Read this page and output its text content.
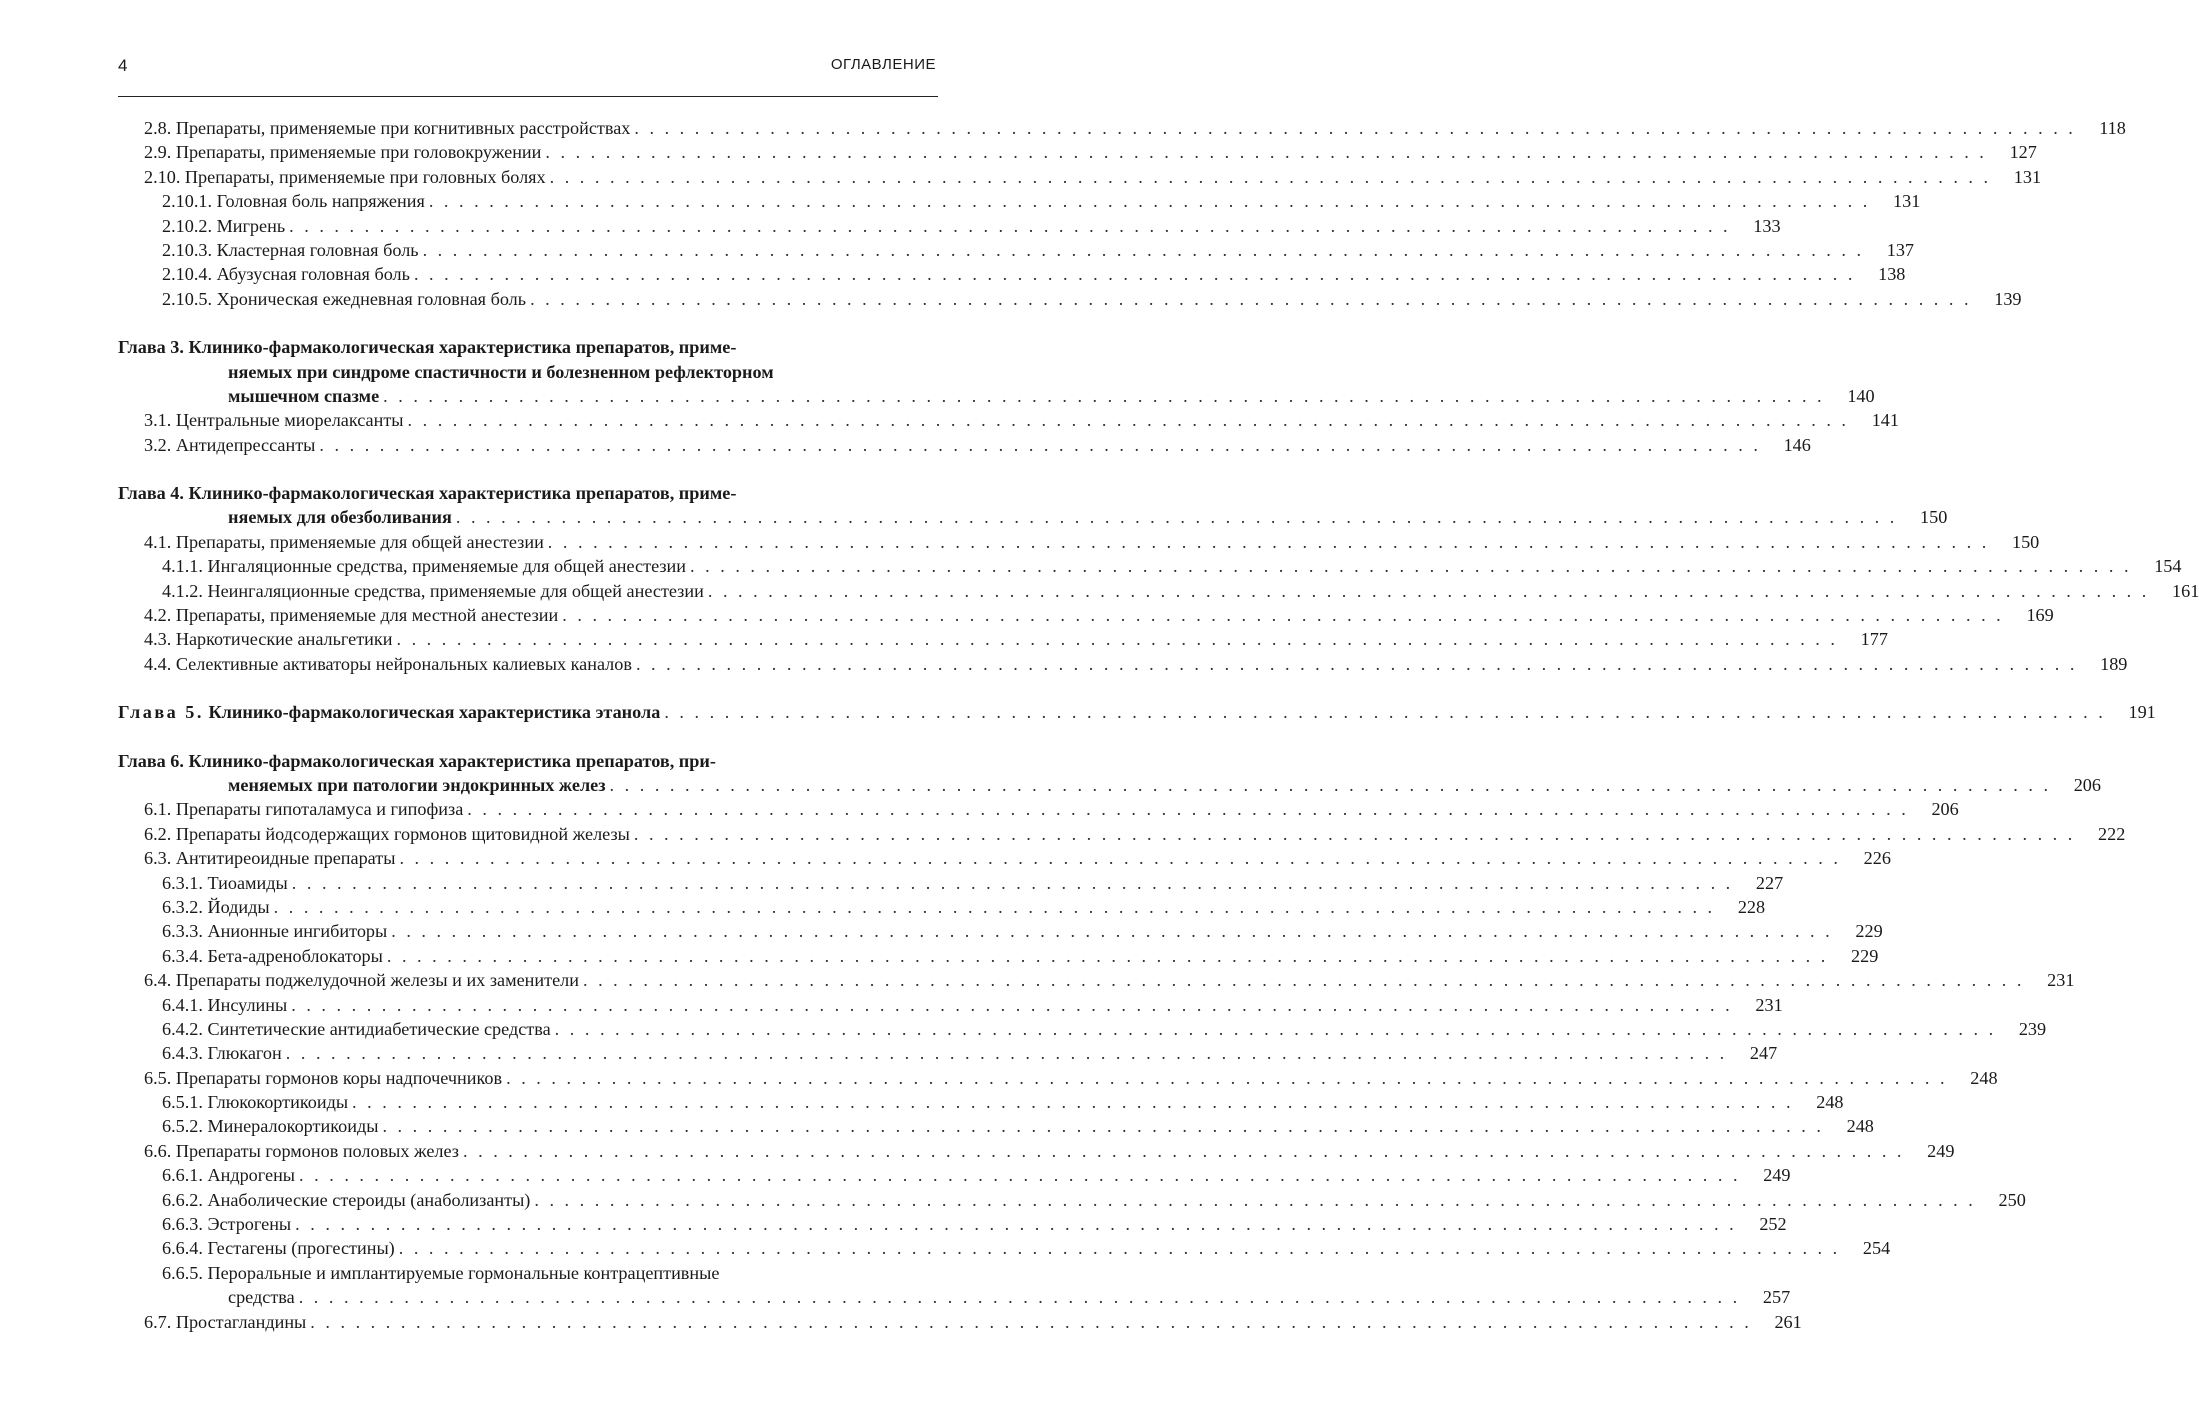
4	ОГЛАВЛЕНИЕ
2.8. Препараты, применяемые при когнитивных расстройствах . . . . . . . . . . . . . . . . . . . . . . . . . . . . . . . . . . . . . . . . . . . . . . . . . . . . . . . . . . . . . . . . . . . . . . . . . . . . . . . . . . . . . . . . . . . . . . . .	118
2.9. Препараты, применяемые при головокружении . . . . . . . . . . . . . . . . . . . . . . . . . . . . . . . . . . . . . . . . . . . . . . . . . . . . . . . . . . . . . . . . . . . . . . . . . . . . . . . . . . . . . . . . . . . . . . . .	127
2.10. Препараты, применяемые при головных болях . . . . . . . . . . . . . . . . . . . . . . . . . . . . . . . . . . . . . . . . . . . . . . . . . . . . . . . . . . . . . . . . . . . . . . . . . . . . . . . . . . . . . . . . . . . . . . . .	131
2.10.1. Головная боль напряжения . . . . . . . . . . . . . . . . . . . . . . . . . . . . . . . . . . . . . . . . . . . . . . . . . . . . . . . . . . . . . . . . . . . . . . . . . . . . . . . . . . . . . . . . . . . . . . . .	131
2.10.2. Мигрень . . . . . . . . . . . . . . . . . . . . . . . . . . . . . . . . . . . . . . . . . . . . . . . . . . . . . . . . . . . . . . . . . . . . . . . . . . . . . . . . . . . . . . . . . . . . . . . .	133
2.10.3. Кластерная головная боль . . . . . . . . . . . . . . . . . . . . . . . . . . . . . . . . . . . . . . . . . . . . . . . . . . . . . . . . . . . . . . . . . . . . . . . . . . . . . . . . . . . . . . . . . . . . . . . .	137
2.10.4. Абузусная головная боль . . . . . . . . . . . . . . . . . . . . . . . . . . . . . . . . . . . . . . . . . . . . . . . . . . . . . . . . . . . . . . . . . . . . . . . . . . . . . . . . . . . . . . . . . . . . . . . .	138
2.10.5. Хроническая ежедневная головная боль . . . . . . . . . . . . . . . . . . . . . . . . . . . . . . . . . . . . . . . . . . . . . . . . . . . . . . . . . . . . . . . . . . . . . . . . . . . . . . . . . . . . . . . . . . . . . . . .	139
Глава 3. Клинико-фармакологическая характеристика препаратов, приме-
няемых при синдроме спастичности и болезненном рефлекторном
мышечном спазме . . . . . . . . . . . . . . . . . . . . . . . . . . . . . . . . . . . . . . . . . . . . . . . . . . . . . . . . . . . . . . . . . . . . . . . . . . . . . . . . . . . . . . . . . . . . . . . .	140
3.1. Центральные миорелаксанты . . . . . . . . . . . . . . . . . . . . . . . . . . . . . . . . . . . . . . . . . . . . . . . . . . . . . . . . . . . . . . . . . . . . . . . . . . . . . . . . . . . . . . . . . . . . . . . .	141
3.2. Антидепрессанты . . . . . . . . . . . . . . . . . . . . . . . . . . . . . . . . . . . . . . . . . . . . . . . . . . . . . . . . . . . . . . . . . . . . . . . . . . . . . . . . . . . . . . . . . . . . . . . .	146
Глава 4. Клинико-фармакологическая характеристика препаратов, приме-
няемых для обезболивания . . . . . . . . . . . . . . . . . . . . . . . . . . . . . . . . . . . . . . . . . . . . . . . . . . . . . . . . . . . . . . . . . . . . . . . . . . . . . . . . . . . . . . . . . . . . . . . .	150
4.1. Препараты, применяемые для общей анестезии . . . . . . . . . . . . . . . . . . . . . . . . . . . . . . . . . . . . . . . . . . . . . . . . . . . . . . . . . . . . . . . . . . . . . . . . . . . . . . . . . . . . . . . . . . . . . . . .	150
4.1.1. Ингаляционные средства, применяемые для общей анестезии . . . . . . . . . . . . . . . . . . . . . . . . . . . . . . . . . . . . . . . . . . . . . . . . . . . . . . . . . . . . . . . . . . . . . . . . . . . . . . . . . . . . . . . . . . . . . . . .	154
4.1.2. Неингаляционные средства, применяемые для общей анестезии . . . . . . . . . . . . . . . . . . . . . . . . . . . . . . . . . . . . . . . . . . . . . . . . . . . . . . . . . . . . . . . . . . . . . . . . . . . . . . . . . . . . . . . . . . . . . . . .	161
4.2. Препараты, применяемые для местной анестезии . . . . . . . . . . . . . . . . . . . . . . . . . . . . . . . . . . . . . . . . . . . . . . . . . . . . . . . . . . . . . . . . . . . . . . . . . . . . . . . . . . . . . . . . . . . . . . . .	169
4.3. Наркотические анальгетики . . . . . . . . . . . . . . . . . . . . . . . . . . . . . . . . . . . . . . . . . . . . . . . . . . . . . . . . . . . . . . . . . . . . . . . . . . . . . . . . . . . . . . . . . . . . . . . .	177
4.4. Селективные активаторы нейрональных калиевых каналов . . . . . . . . . . . . . . . . . . . . . . . . . . . . . . . . . . . . . . . . . . . . . . . . . . . . . . . . . . . . . . . . . . . . . . . . . . . . . . . . . . . . . . . . . . . . . . . .	189
Глава 5. Клинико-фармакологическая характеристика этанола . . . . . . . . . . . . . . . . . . . . . . . . . . . . . . . . . . . . . . . . . . . . . . . . . . . . . . . . . . . . . . . . . . . . . . . . . . . . . . . . . . . . . . . . . . . . . . . .	191
Глава 6. Клинико-фармакологическая характеристика препаратов, при-
меняемых при патологии эндокринных желез . . . . . . . . . . . . . . . . . . . . . . . . . . . . . . . . . . . . . . . . . . . . . . . . . . . . . . . . . . . . . . . . . . . . . . . . . . . . . . . . . . . . . . . . . . . . . . . .	206
6.1. Препараты гипоталамуса и гипофиза . . . . . . . . . . . . . . . . . . . . . . . . . . . . . . . . . . . . . . . . . . . . . . . . . . . . . . . . . . . . . . . . . . . . . . . . . . . . . . . . . . . . . . . . . . . . . . . .	206
6.2. Препараты йодсодержащих гормонов щитовидной железы . . . . . . . . . . . . . . . . . . . . . . . . . . . . . . . . . . . . . . . . . . . . . . . . . . . . . . . . . . . . . . . . . . . . . . . . . . . . . . . . . . . . . . . . . . . . . . . .	222
6.3. Антитиреоидные препараты . . . . . . . . . . . . . . . . . . . . . . . . . . . . . . . . . . . . . . . . . . . . . . . . . . . . . . . . . . . . . . . . . . . . . . . . . . . . . . . . . . . . . . . . . . . . . . . .	226
6.3.1. Тиоамиды . . . . . . . . . . . . . . . . . . . . . . . . . . . . . . . . . . . . . . . . . . . . . . . . . . . . . . . . . . . . . . . . . . . . . . . . . . . . . . . . . . . . . . . . . . . . . . . .	227
6.3.2. Йодиды . . . . . . . . . . . . . . . . . . . . . . . . . . . . . . . . . . . . . . . . . . . . . . . . . . . . . . . . . . . . . . . . . . . . . . . . . . . . . . . . . . . . . . . . . . . . . . . .	228
6.3.3. Анионные ингибиторы . . . . . . . . . . . . . . . . . . . . . . . . . . . . . . . . . . . . . . . . . . . . . . . . . . . . . . . . . . . . . . . . . . . . . . . . . . . . . . . . . . . . . . . . . . . . . . . .	229
6.3.4. Бета-адреноблокаторы . . . . . . . . . . . . . . . . . . . . . . . . . . . . . . . . . . . . . . . . . . . . . . . . . . . . . . . . . . . . . . . . . . . . . . . . . . . . . . . . . . . . . . . . . . . . . . . .	229
6.4. Препараты поджелудочной железы и их заменители . . . . . . . . . . . . . . . . . . . . . . . . . . . . . . . . . . . . . . . . . . . . . . . . . . . . . . . . . . . . . . . . . . . . . . . . . . . . . . . . . . . . . . . . . . . . . . . .	231
6.4.1. Инсулины . . . . . . . . . . . . . . . . . . . . . . . . . . . . . . . . . . . . . . . . . . . . . . . . . . . . . . . . . . . . . . . . . . . . . . . . . . . . . . . . . . . . . . . . . . . . . . . .	231
6.4.2. Синтетические антидиабетические средства . . . . . . . . . . . . . . . . . . . . . . . . . . . . . . . . . . . . . . . . . . . . . . . . . . . . . . . . . . . . . . . . . . . . . . . . . . . . . . . . . . . . . . . . . . . . . . . .	239
6.4.3. Глюкагон . . . . . . . . . . . . . . . . . . . . . . . . . . . . . . . . . . . . . . . . . . . . . . . . . . . . . . . . . . . . . . . . . . . . . . . . . . . . . . . . . . . . . . . . . . . . . . . .	247
6.5. Препараты гормонов коры надпочечников . . . . . . . . . . . . . . . . . . . . . . . . . . . . . . . . . . . . . . . . . . . . . . . . . . . . . . . . . . . . . . . . . . . . . . . . . . . . . . . . . . . . . . . . . . . . . . . .	248
6.5.1. Глюкокортикоиды . . . . . . . . . . . . . . . . . . . . . . . . . . . . . . . . . . . . . . . . . . . . . . . . . . . . . . . . . . . . . . . . . . . . . . . . . . . . . . . . . . . . . . . . . . . . . . . .	248
6.5.2. Минералокортикоиды . . . . . . . . . . . . . . . . . . . . . . . . . . . . . . . . . . . . . . . . . . . . . . . . . . . . . . . . . . . . . . . . . . . . . . . . . . . . . . . . . . . . . . . . . . . . . . . .	248
6.6. Препараты гормонов половых желез . . . . . . . . . . . . . . . . . . . . . . . . . . . . . . . . . . . . . . . . . . . . . . . . . . . . . . . . . . . . . . . . . . . . . . . . . . . . . . . . . . . . . . . . . . . . . . . .	249
6.6.1. Андрогены . . . . . . . . . . . . . . . . . . . . . . . . . . . . . . . . . . . . . . . . . . . . . . . . . . . . . . . . . . . . . . . . . . . . . . . . . . . . . . . . . . . . . . . . . . . . . . . .	249
6.6.2. Анаболические стероиды (анаболизанты) . . . . . . . . . . . . . . . . . . . . . . . . . . . . . . . . . . . . . . . . . . . . . . . . . . . . . . . . . . . . . . . . . . . . . . . . . . . . . . . . . . . . . . . . . . . . . . . .	250
6.6.3. Эстрогены . . . . . . . . . . . . . . . . . . . . . . . . . . . . . . . . . . . . . . . . . . . . . . . . . . . . . . . . . . . . . . . . . . . . . . . . . . . . . . . . . . . . . . . . . . . . . . . .	252
6.6.4. Гестагены (прогестины) . . . . . . . . . . . . . . . . . . . . . . . . . . . . . . . . . . . . . . . . . . . . . . . . . . . . . . . . . . . . . . . . . . . . . . . . . . . . . . . . . . . . . . . . . . . . . . . .	254
6.6.5. Пероральные и имплантируемые гормональные контрацептивные
средства . . . . . . . . . . . . . . . . . . . . . . . . . . . . . . . . . . . . . . . . . . . . . . . . . . . . . . . . . . . . . . . . . . . . . . . . . . . . . . . . . . . . . . . . . . . . . . . .	257
6.7. Простагландины . . . . . . . . . . . . . . . . . . . . . . . . . . . . . . . . . . . . . . . . . . . . . . . . . . . . . . . . . . . . . . . . . . . . . . . . . . . . . . . . . . . . . . . . . . . . . . . .	261
